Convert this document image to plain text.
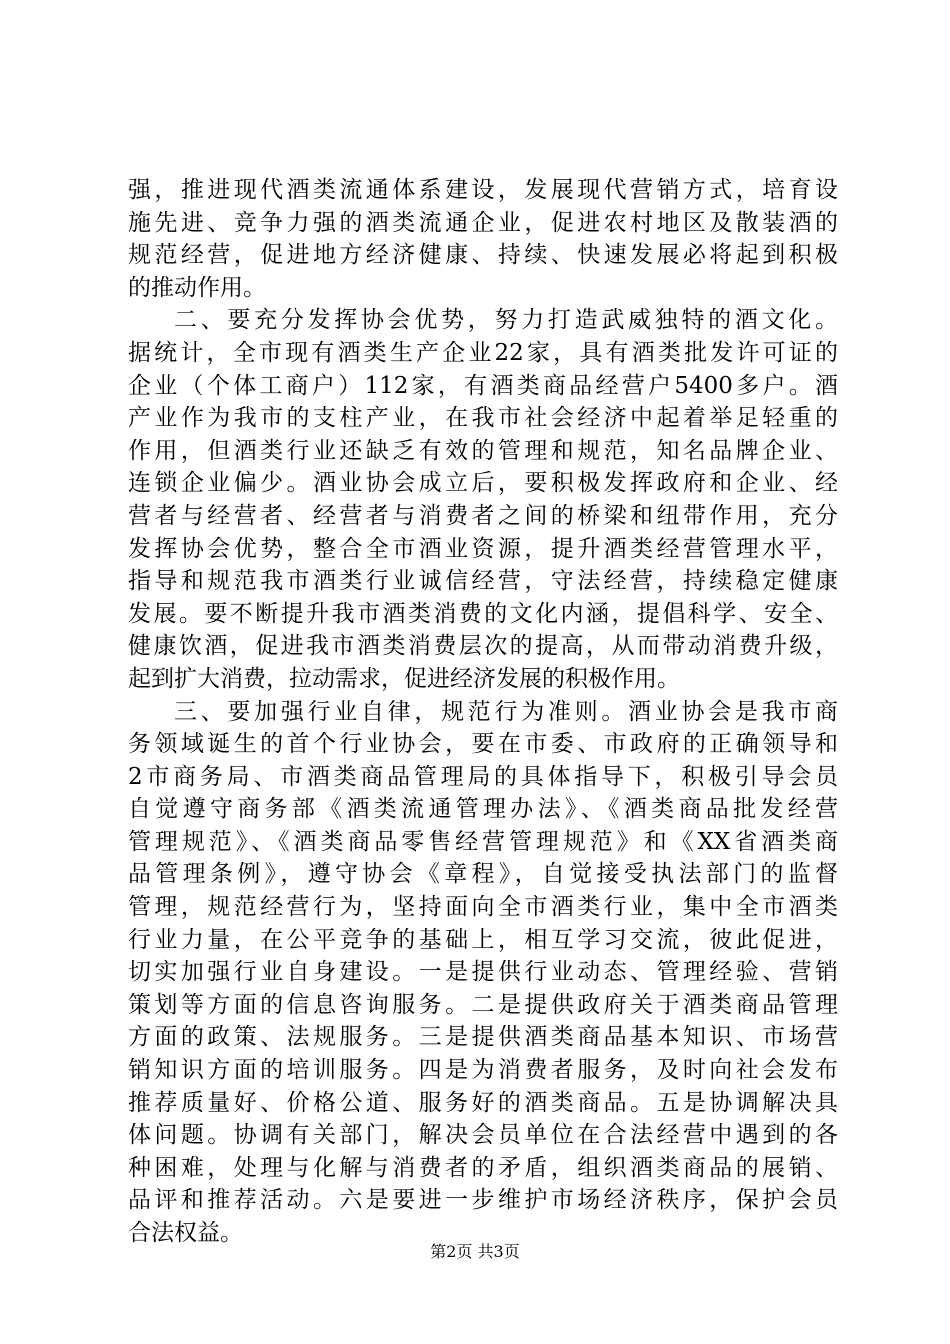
强，推进现代酒类流通体系建设，发展现代营销方式，培育设
施先进、竞争力强的酒类流通企业，促进农村地区及散装酒的
规范经营，促进地方经济健康、持续、快速发展必将起到积极
的推动作用。
二、要充分发挥协会优势，努力打造武威独特的酒文化。
据统计，全市现有酒类生产企业22家，具有酒类批发许可证的
企业（个体工商户）112家，有酒类商品经营户5400多户。酒
产业作为我市的支柱产业，在我市社会经济中起着举足轻重的
作用，但酒类行业还缺乏有效的管理和规范，知名品牌企业、
连锁企业偏少。酒业协会成立后，要积极发挥政府和企业、经
营者与经营者、经营者与消费者之间的桥梁和纽带作用，充分
发挥协会优势，整合全市酒业资源，提升酒类经营管理水平，
指导和规范我市酒类行业诚信经营，守法经营，持续稳定健康
发展。要不断提升我市酒类消费的文化内涵，提倡科学、安全、
健康饮酒，促进我市酒类消费层次的提高，从而带动消费升级，
起到扩大消费，拉动需求，促进经济发展的积极作用。
三、要加强行业自律，规范行为准则。酒业协会是我市商
务领域诞生的首个行业协会，要在市委、市政府的正确领导和
2市商务局、市酒类商品管理局的具体指导下，积极引导会员
自觉遵守商务部《酒类流通管理办法》、《酒类商品批发经营
管理规范》、《酒类商品零售经营管理规范》和《XX省酒类商
品管理条例》，遵守协会《章程》，自觉接受执法部门的监督
管理，规范经营行为，坚持面向全市酒类行业，集中全市酒类
行业力量，在公平竞争的基础上，相互学习交流，彼此促进，
切实加强行业自身建设。一是提供行业动态、管理经验、营销
策划等方面的信息咨询服务。二是提供政府关于酒类商品管理
方面的政策、法规服务。三是提供酒类商品基本知识、市场营
销知识方面的培训服务。四是为消费者服务，及时向社会发布
推荐质量好、价格公道、服务好的酒类商品。五是协调解决具
体问题。协调有关部门，解决会员单位在合法经营中遇到的各
种困难，处理与化解与消费者的矛盾，组织酒类商品的展销、
品评和推荐活动。六是要进一步维护市场经济秩序，保护会员
合法权益。
第2页 共3页
